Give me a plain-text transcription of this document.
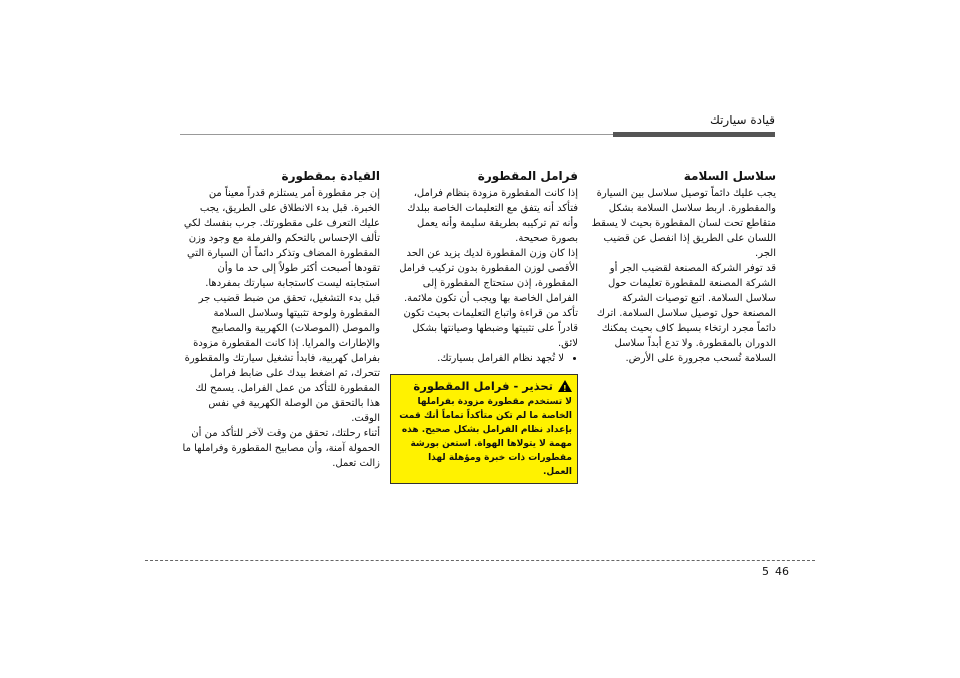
قيادة سيارتك
سلاسل السلامة

يجب عليك دائماً توصيل سلاسل بين السيارة والمقطورة. اربط سلاسل السلامة بشكل متقاطع تحت لسان المقطورة بحيث لا يسقط اللسان على الطريق إذا انفصل عن قضيب الجر.

قد توفر الشركة المصنعة لقضيب الجر أو الشركة المصنعة للمقطورة تعليمات حول سلاسل السلامة. اتبع توصيات الشركة المصنعة حول توصيل سلاسل السلامة. اترك دائماً مجرد ارتخاء بسيط كاف بحيث يمكنك الدوران بالمقطورة. ولا تدع أبداً سلاسل السلامة تُسحب مجرورة على الأرض.

فرامل المقطورة

إذا كانت المقطورة مزودة بنظام فرامل، فتأكد أنه يتفق مع التعليمات الخاصة ببلدك وأنه تم تركيبه بطريقة سليمة وأنه يعمل بصورة صحيحة.

إذا كان وزن المقطورة لديك يزيد عن الحد الأقصى لوزن المقطورة بدون تركيب فرامل المقطورة، إذن ستحتاج المقطورة إلى الفرامل الخاصة بها ويجب أن تكون ملائمة. تأكد من قراءة واتباع التعليمات بحيث تكون قادراً على تثبيتها وضبطها وصيانتها بشكل لائق.

• لا تُجهد نظام الفرامل بسيارتك.
!
تحذير - فرامل المقطورة
لا تستخدم مقطورة مزودة بفراملها الخاصة ما لم تكن متأكداً تماماً أنك قمت بإعداد نظام الفرامل بشكل صحيح. هذه مهمة لا يتولاها الهواة. استعن بورشة مقطورات ذات خبرة ومؤهلة لهذا العمل.
القيادة بمقطورة

إن جر مقطورة أمر يستلزم قدراً معيناً من الخبرة. قبل بدء الانطلاق على الطريق، يجب عليك التعرف على مقطورتك. جرب بنفسك لكي تألف الإحساس بالتحكم والفرملة مع وجود وزن المقطورة المضاف وتذكر دائماً أن السيارة التي تقودها أصبحت أكثر طولاً إلى حد ما وأن استجابته ليست كاستجابة سيارتك بمفردها.

قبل بدء التشغيل، تحقق من ضبط قضيب جر المقطورة ولوحة تثبيتها وسلاسل السلامة والموصل (الموصلات) الكهربية والمصابيح والإطارات والمرايا. إذا كانت المقطورة مزودة بفرامل كهربية، فابدأ تشغيل سيارتك والمقطورة تتحرك، ثم اضغط بيدك على ضابط فرامل المقطورة للتأكد من عمل الفرامل. يسمح لك هذا بالتحقق من الوصلة الكهربية في نفس الوقت.

أثناء رحلتك، تحقق من وقت لآخر للتأكد من أن الحمولة آمنة، وأن مصابيح المقطورة وفراملها ما زالت تعمل.

5 46
